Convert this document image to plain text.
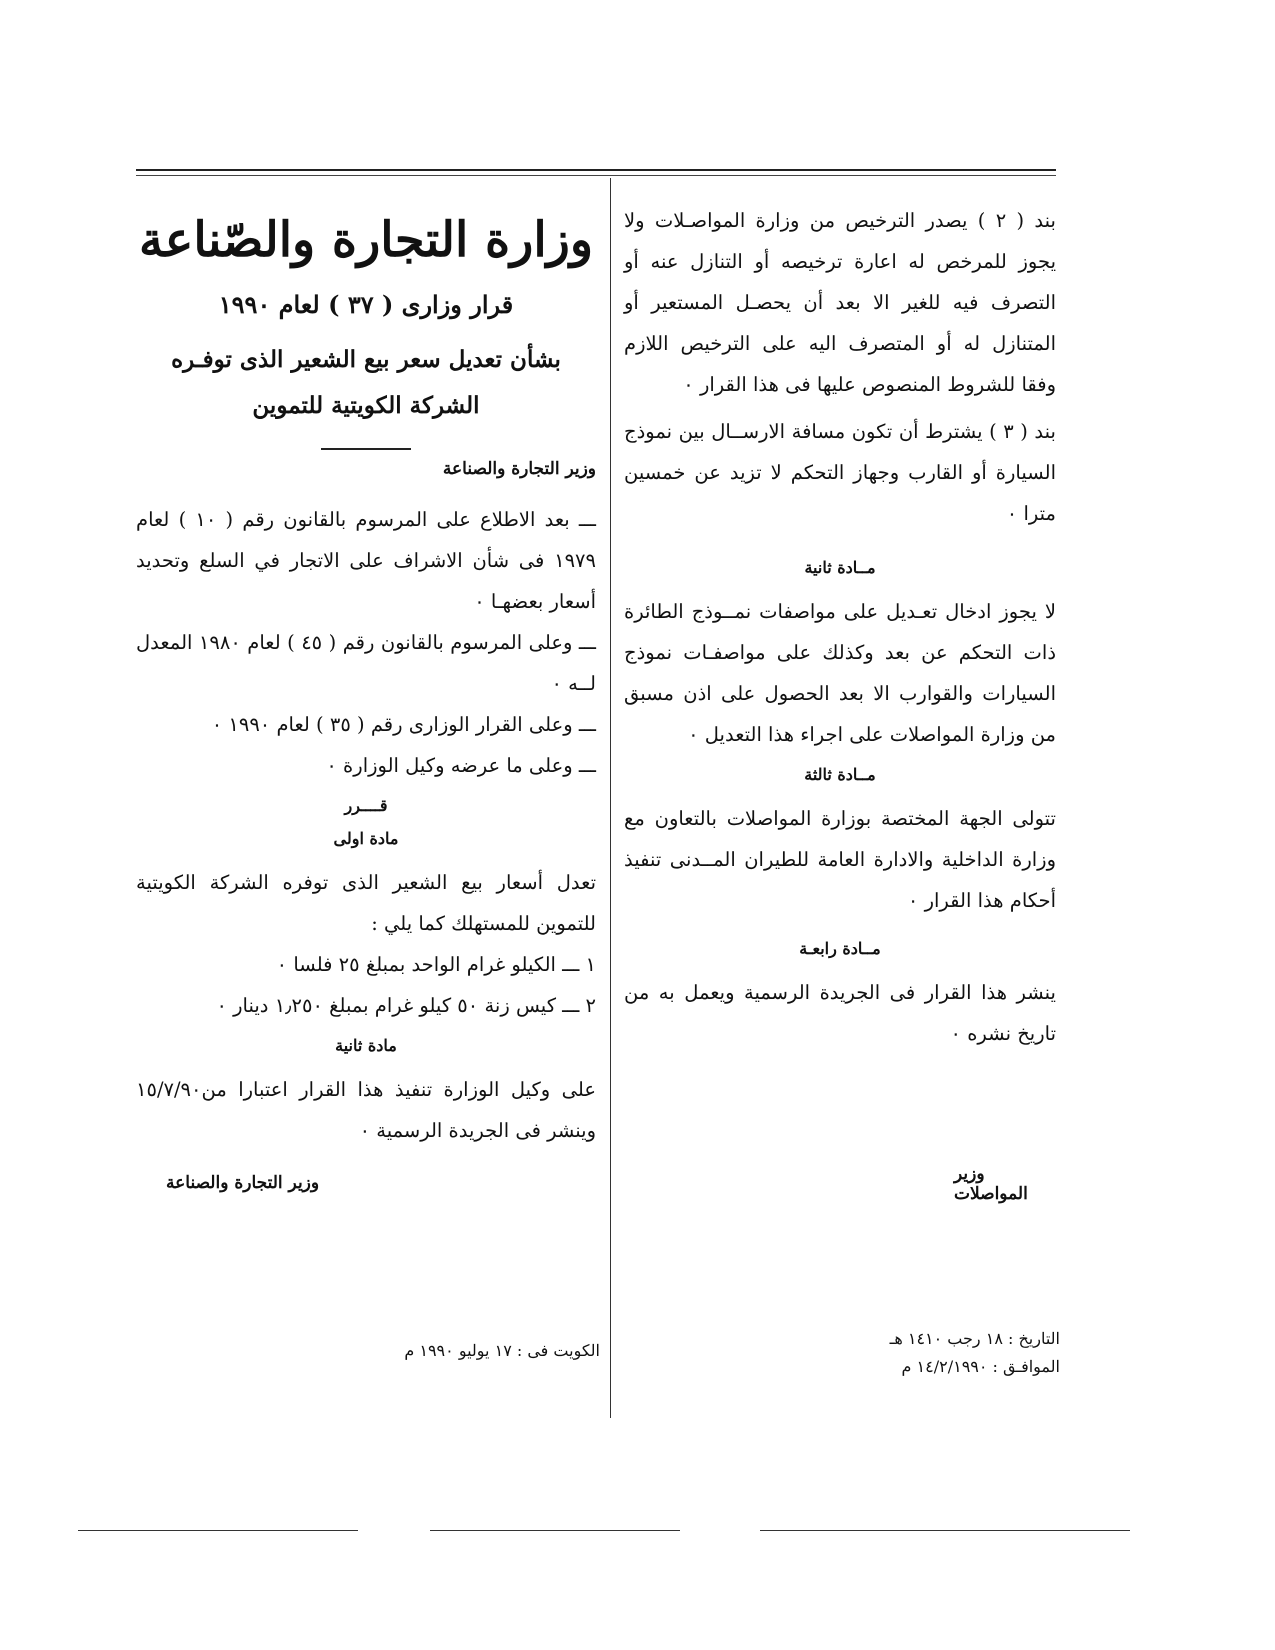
وزارة التجارة والصّناعة
قرار وزارى ( ٣٧ ) لعام ١٩٩٠
بشأن تعديل سعر بيع الشعير الذى توفـره
الشركة الكويتية للتموين
وزير التجارة والصناعة

ـــ بعد الاطلاع على المرسوم بالقانون رقم ( ١٠ ) لعام ١٩٧٩ فى شأن الاشراف على الاتجار في السلع وتحديد أسعار بعضهـا ٠

ـــ وعلى المرسوم بالقانون رقم ( ٤٥ ) لعام ١٩٨٠ المعدل لــه ٠

ـــ وعلى القرار الوزارى رقم ( ٣٥ ) لعام ١٩٩٠ ٠

ـــ وعلى ما عرضه وكيل الوزارة ٠

قــــرر
مادة اولى

تعدل أسعار بيع الشعير الذى توفره الشركة الكويتية للتموين للمستهلك كما يلي :

١ ـــ الكيلو غرام الواحد بمبلغ ٢٥ فلسا ٠

٢ ـــ كيس زنة ٥٠ كيلو غرام بمبلغ ١٫٢٥٠ دينار ٠

مادة ثانية

على وكيل الوزارة تنفيذ هذا القرار اعتبارا من١٥/٧/٩٠ وينشر فى الجريدة الرسمية ٠

وزير التجارة والصناعة

بند ( ٢ ) يصدر الترخيص من وزارة المواصـلات ولا يجوز للمرخص له اعارة ترخيصه أو التنازل عنه أو التصرف فيه للغير الا بعد أن يحصـل المستعير أو المتنازل له أو المتصرف اليه على الترخيص اللازم وفقا للشروط المنصوص عليها فى هذا القرار ٠

بند ( ٣ ) يشترط أن تكون مسافة الارســال بين نموذج السيارة أو القارب وجهاز التحكم لا تزيد عن خمسين مترا ٠

مــادة ثانية

لا يجوز ادخال تعـديل على مواصفات نمــوذج الطائرة ذات التحكم عن بعد وكذلك على مواصفـات نموذج السيارات والقوارب الا بعد الحصول على اذن مسبق من وزارة المواصلات على اجراء هذا التعديل ٠

مــادة ثالثة

تتولى الجهة المختصة بوزارة المواصلات بالتعاون مع وزارة الداخلية والادارة العامة للطيران المــدنى تنفيذ أحكام هذا القرار ٠

مــادة رابعـة

ينشر هذا القرار فى الجريدة الرسمية ويعمل به من تاريخ نشره ٠

وزير المواصلات
الكويت فى : ١٧ يوليو ١٩٩٠ م
التاريخ : ١٨ رجب ١٤١٠ هـ
الموافـق : ١٤/٢/١٩٩٠ م
